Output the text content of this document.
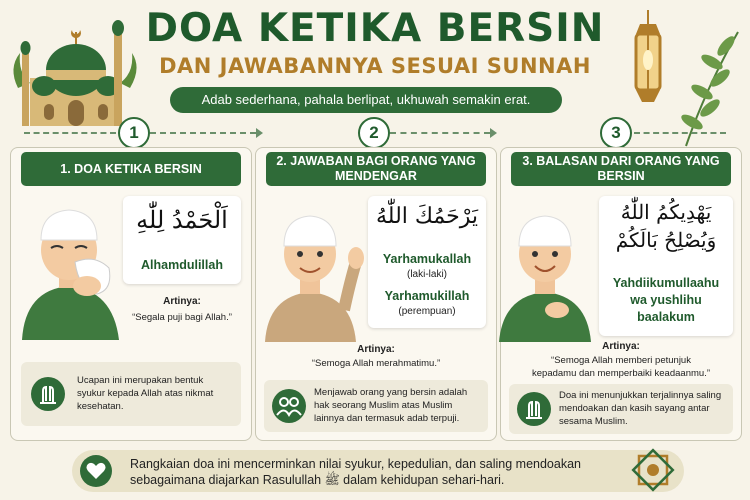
DOA KETIKA BERSIN
DAN JAWABANNYA SESUAI SUNNAH
Adab sederhana, pahala berlipat, ukhuwah semakin erat.
1	2	3
1. DOA KETIKA BERSIN
اَلْحَمْدُ لِلّٰهِ
Alhamdulillah
Artinya:
“Segala puji bagi Allah.”
Ucapan ini merupakan bentuk syukur kepada Allah atas nikmat kesehatan.
2. JAWABAN BAGI ORANG YANG MENDENGAR
يَرْحَمُكَ اللّٰهُ
Yarhamukallah
(laki-laki)
Yarhamukillah
(perempuan)
Artinya:
“Semoga Allah merahmatimu.”
Menjawab orang yang bersin adalah hak seorang Muslim atas Muslim lainnya dan termasuk adab terpuji.
3. BALASAN DARI ORANG YANG BERSIN
يَهْدِيكُمُ اللّٰهُ
وَيُصْلِحُ بَالَكُمْ
Yahdiikumullaahu
wa yushlihu
baalakum
Artinya:
“Semoga Allah memberi petunjuk
kepadamu dan memperbaiki keadaanmu.”
Doa ini menunjukkan terjalinnya saling mendoakan dan kasih sayang antar sesama Muslim.
Rangkaian doa ini mencerminkan nilai syukur, kepedulian, dan saling mendoakan
sebagaimana diajarkan Rasulullah ﷺ dalam kehidupan sehari-hari.
